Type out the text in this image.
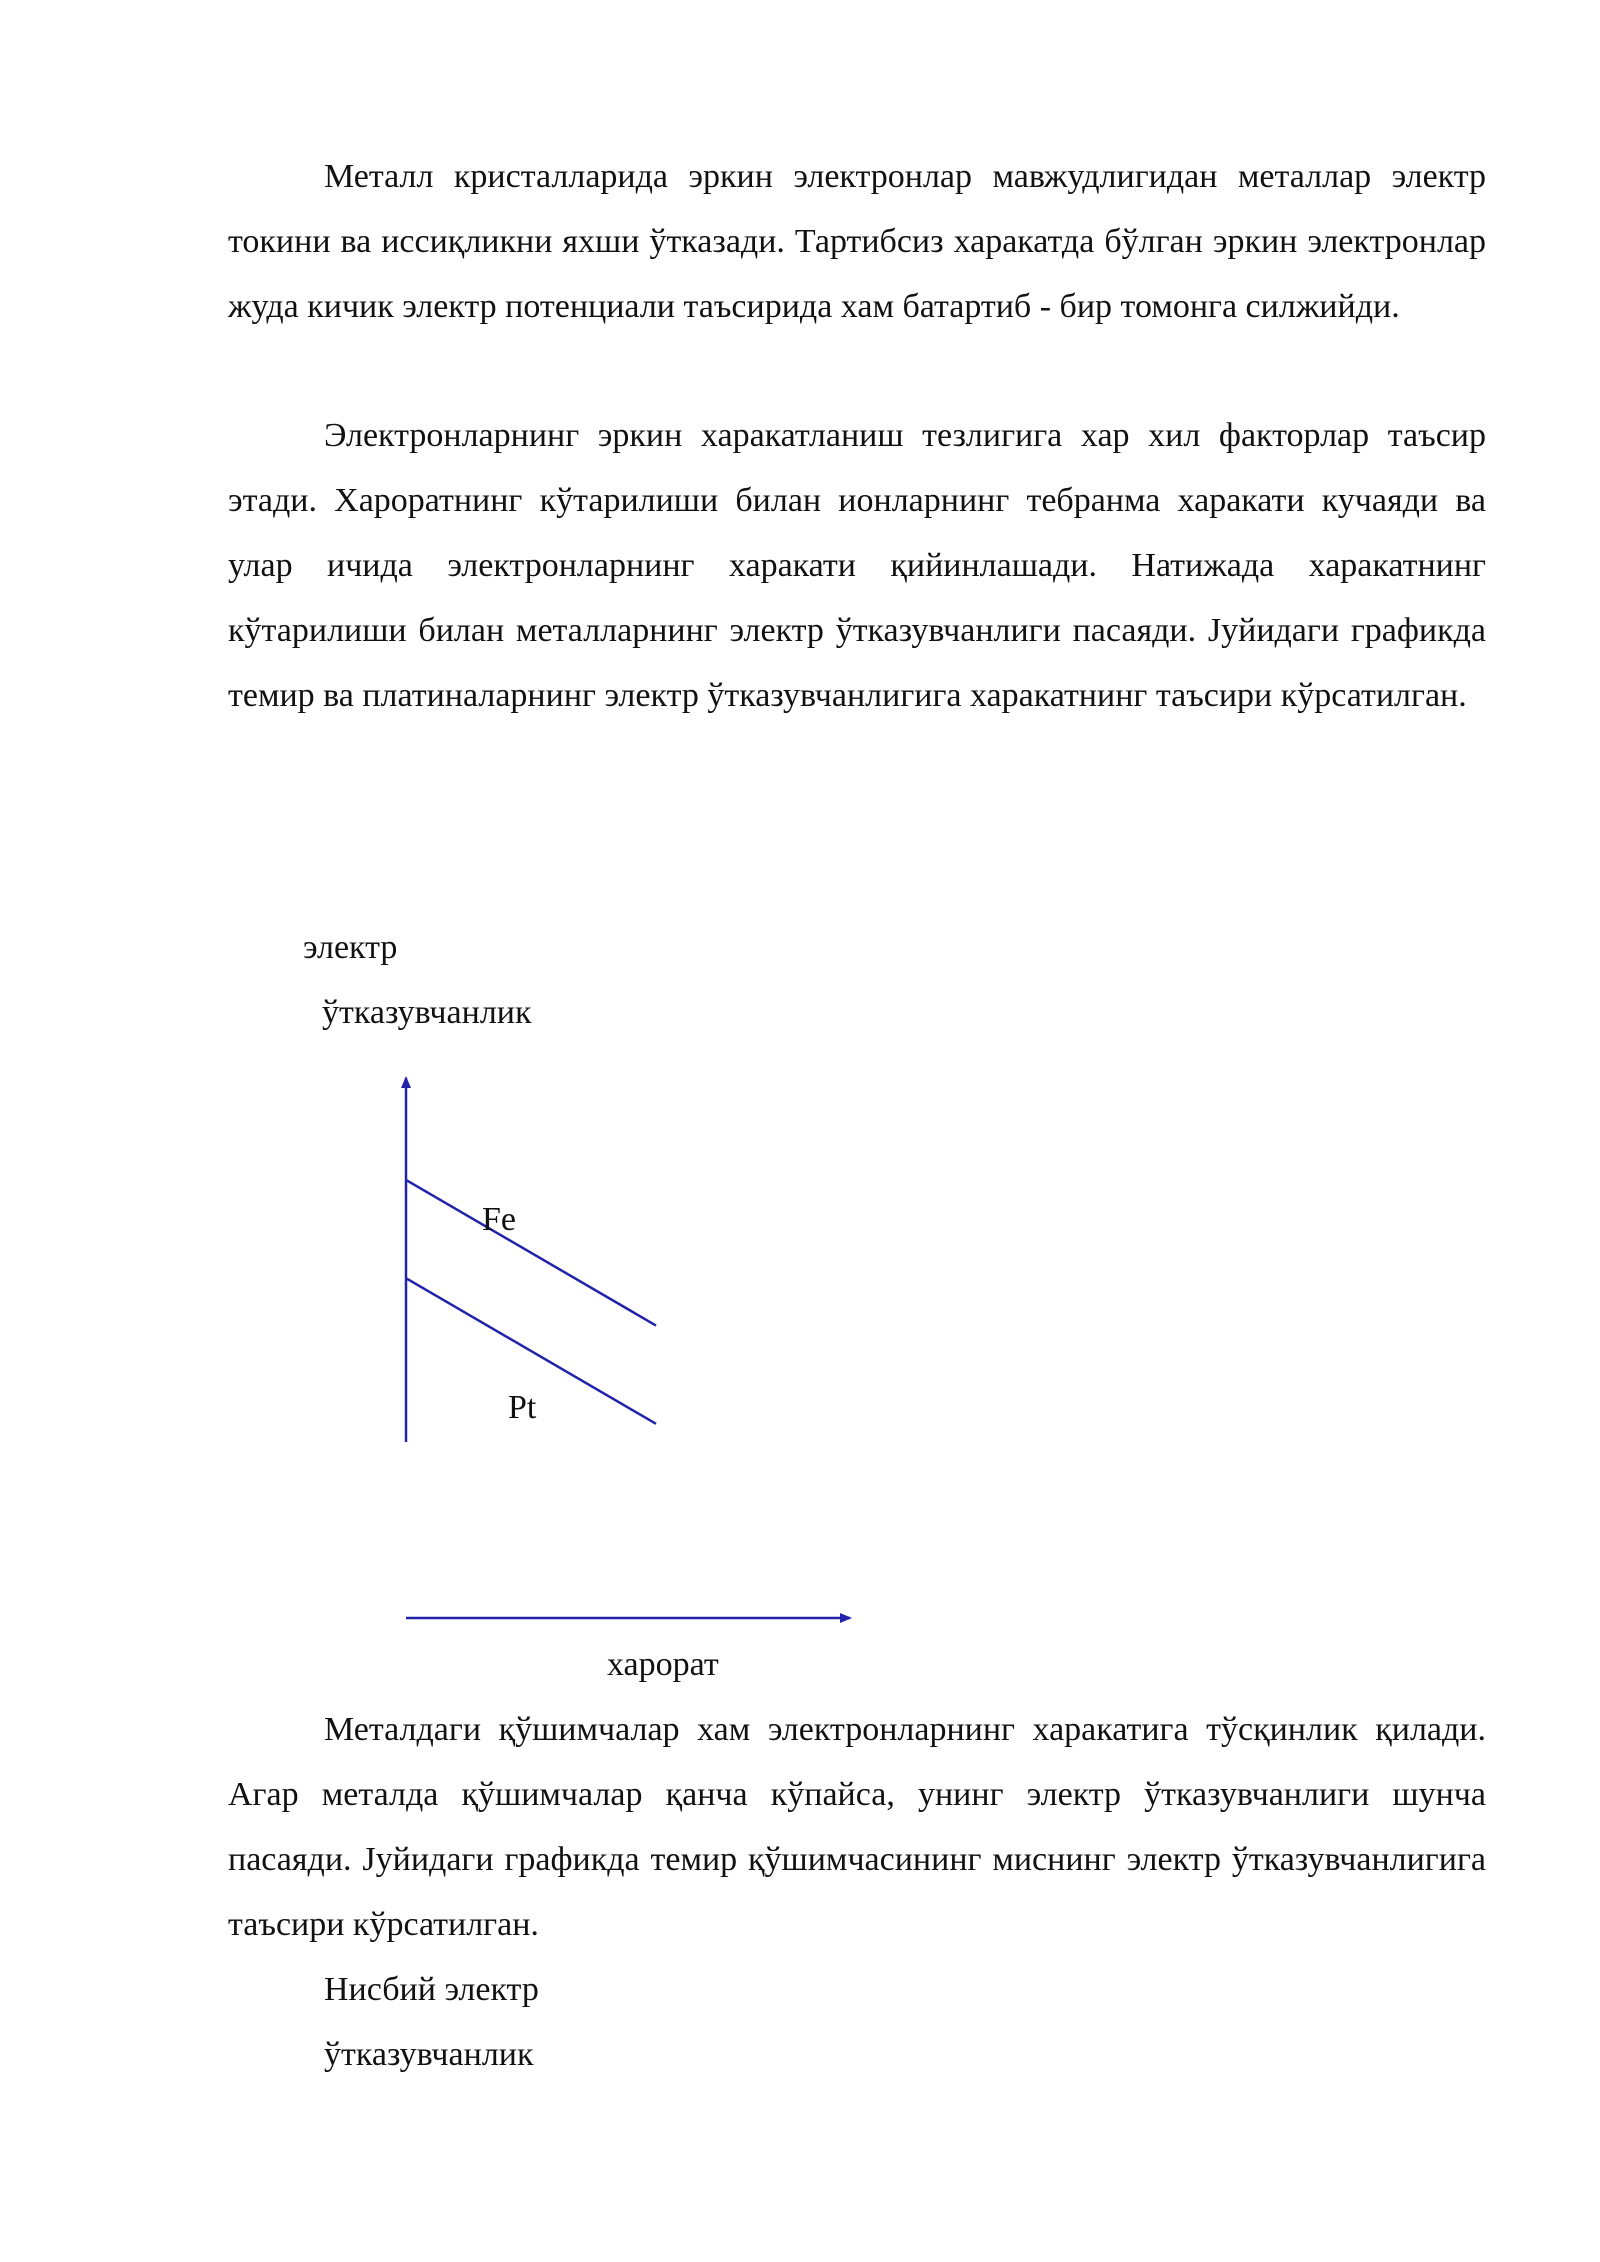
Металл кристалларида эркин электронлар мавжудлигидан металлар электр токини ва иссиқликни яхши ўтказади. Тартибсиз харакатда бўлган эркин электронлар жуда кичик электр потенциали таъсирида хам батартиб - бир томонга силжийди.

Электронларнинг эркин харакатланиш тезлигига хар хил факторлар таъсир этади. Хароратнинг кўтарилиши билан ионларнинг тебранма харакати кучаяди ва улар ичида электронларнинг харакати қийинлашади. Натижада харакатнинг кўтарилиши билан металларнинг электр ўтказувчанлиги пасаяди. Јуйидаги графикда темир ва платиналарнинг электр ўтказувчанлигига харакатнинг таъсири кўрсатилган.

электр
ўтказувчанлик
Fe
Pt
харорат

Металдаги қўшимчалар хам электронларнинг харакатига тўсқинлик қилади. Агар металда қўшимчалар қанча кўпайса, унинг электр ўтказувчанлиги шунча пасаяди. Јуйидаги графикда темир қўшимчасининг миснинг электр ўтказувчанлигига таъсири кўрсатилган.

Нисбий электр
ўтказувчанлик
